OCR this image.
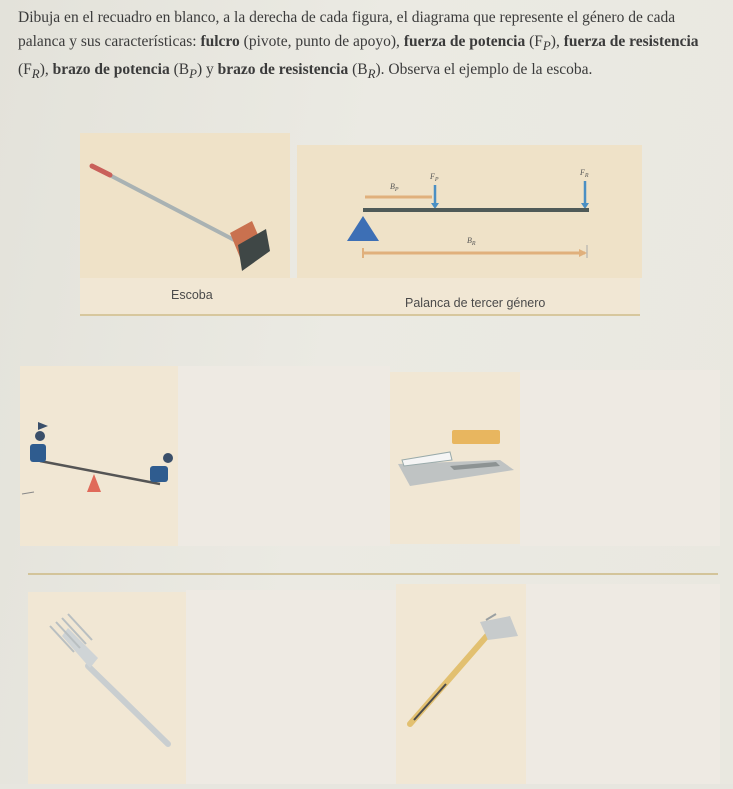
Dibuja en el recuadro en blanco, a la derecha de cada figura, el diagrama que represente el género de cada palanca y sus características: fulcro (pivote, punto de apoyo), fuerza de potencia $(F_P)$, fuerza de resistencia $(F_R)$, brazo de potencia $(B_P)$ y brazo de resistencia $(B_R)$. Observa el ejemplo de la escoba.
$B_P$
$F_P$
$F_R$
$B_R$
Escoba
Palanca de tercer género
